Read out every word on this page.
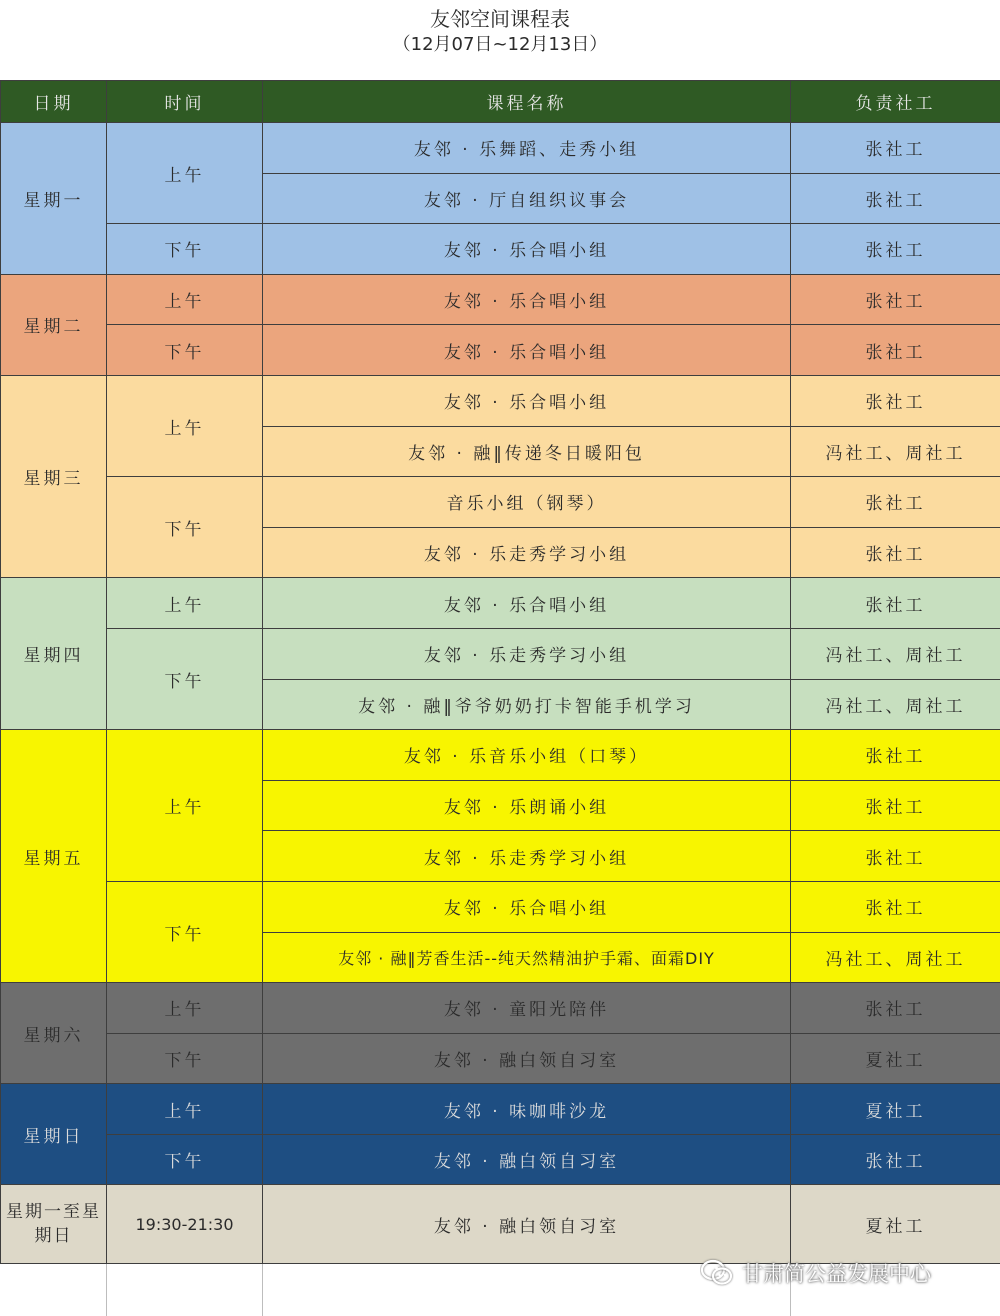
友邻空间课程表
（12月07日~12月13日）
日期	时间	课程名称	负责社工
星期一	上午	友邻 · 乐舞蹈、走秀小组	张社工
		友邻 · 厅自组织议事会	张社工
	下午	友邻 · 乐合唱小组	张社工
星期二	上午	友邻 · 乐合唱小组	张社工
	下午	友邻 · 乐合唱小组	张社工
星期三	上午	友邻 · 乐合唱小组	张社工
		友邻 · 融‖传递冬日暖阳包	冯社工、周社工
	下午	音乐小组（钢琴）	张社工
		友邻 · 乐走秀学习小组	张社工
星期四	上午	友邻 · 乐合唱小组	张社工
	下午	友邻 · 乐走秀学习小组	冯社工、周社工
		友邻 · 融‖爷爷奶奶打卡智能手机学习	冯社工、周社工
星期五	上午	友邻 · 乐音乐小组（口琴）	张社工
		友邻 · 乐朗诵小组	张社工
		友邻 · 乐走秀学习小组	张社工
	下午	友邻 · 乐合唱小组	张社工
		友邻 · 融‖芳香生活--纯天然精油护手霜、面霜DIY	冯社工、周社工
星期六	上午	友邻 · 童阳光陪伴	张社工
	下午	友邻 · 融白领自习室	夏社工
星期日	上午	友邻 · 味咖啡沙龙	夏社工
	下午	友邻 · 融白领自习室	张社工
星期一至星期日	19:30-21:30	友邻 · 融白领自习室	夏社工
甘肃简公益发展中心
